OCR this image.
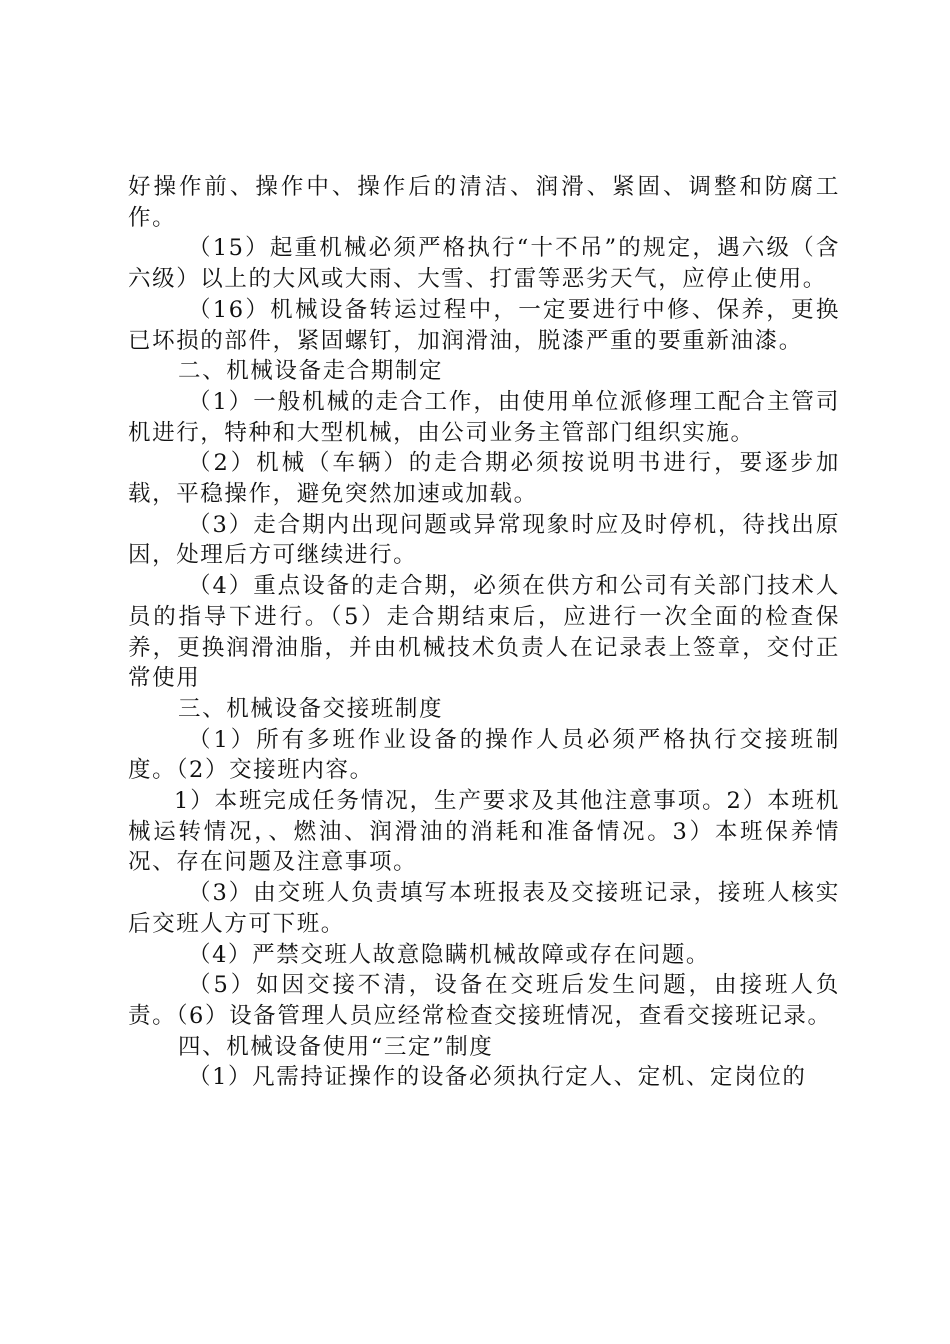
好操作前、操作中、操作后的清洁、润滑、紧固、调整和防腐工作。

（15）起重机械必须严格执行“十不吊”的规定，遇六级（含六级）以上的大风或大雨、大雪、打雷等恶劣天气，应停止使用。

（16）机械设备转运过程中，一定要进行中修、保养，更换已坏损的部件，紧固螺钉，加润滑油，脱漆严重的要重新油漆。

二、机械设备走合期制定

（1）一般机械的走合工作，由使用单位派修理工配合主管司机进行，特种和大型机械，由公司业务主管部门组织实施。

（2）机械（车辆）的走合期必须按说明书进行，要逐步加载，平稳操作，避免突然加速或加载。

（3）走合期内出现问题或异常现象时应及时停机，待找出原因，处理后方可继续进行。

（4）重点设备的走合期，必须在供方和公司有关部门技术人员的指导下进行。（5）走合期结束后，应进行一次全面的检查保养，更换润滑油脂，并由机械技术负责人在记录表上签章，交付正常使用

三、机械设备交接班制度

（1）所有多班作业设备的操作人员必须严格执行交接班制度。（2）交接班内容。

1）本班完成任务情况，生产要求及其他注意事项。2）本班机械运转情况，、燃油、润滑油的消耗和准备情况。3）本班保养情况、存在问题及注意事项。

（3）由交班人负责填写本班报表及交接班记录，接班人核实后交班人方可下班。

（4）严禁交班人故意隐瞒机械故障或存在问题。

（5）如因交接不清，设备在交班后发生问题，由接班人负责。（6）设备管理人员应经常检查交接班情况，查看交接班记录。

四、机械设备使用“三定”制度

（1）凡需持证操作的设备必须执行定人、定机、定岗位的
